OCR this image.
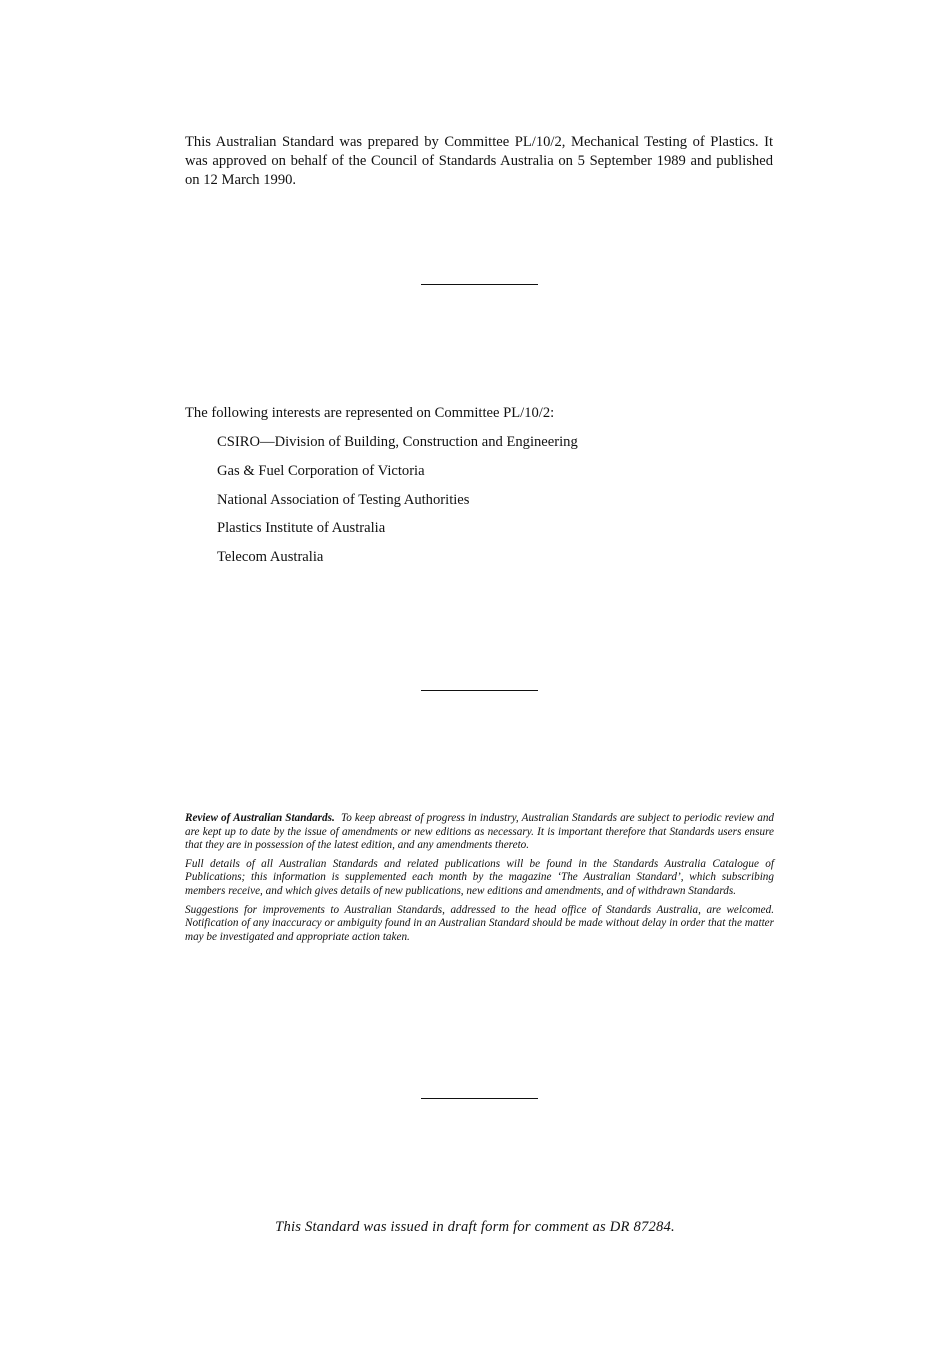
This Australian Standard was prepared by Committee PL/10/2, Mechanical Testing of Plastics. It was approved on behalf of the Council of Standards Australia on 5 September 1989 and published on 12 March 1990.

The following interests are represented on Committee PL/10/2:

CSIRO—Division of Building, Construction and Engineering
Gas & Fuel Corporation of Victoria
National Association of Testing Authorities
Plastics Institute of Australia
Telecom Australia

Review of Australian Standards. To keep abreast of progress in industry, Australian Standards are subject to periodic review and are kept up to date by the issue of amendments or new editions as necessary. It is important therefore that Standards users ensure that they are in possession of the latest edition, and any amendments thereto.

Full details of all Australian Standards and related publications will be found in the Standards Australia Catalogue of Publications; this information is supplemented each month by the magazine ‘The Australian Standard’, which subscribing members receive, and which gives details of new publications, new editions and amendments, and of withdrawn Standards.

Suggestions for improvements to Australian Standards, addressed to the head office of Standards Australia, are welcomed. Notification of any inaccuracy or ambiguity found in an Australian Standard should be made without delay in order that the matter may be investigated and appropriate action taken.

This Standard was issued in draft form for comment as DR 87284.
